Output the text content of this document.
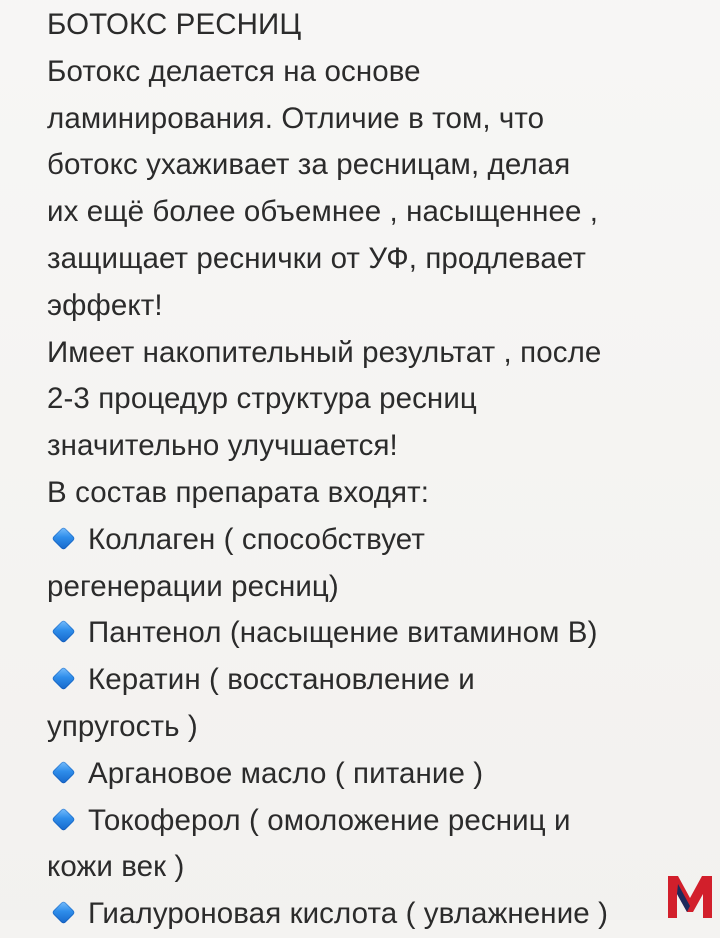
БОТОКС РЕСНИЦ
Ботокс делается на основе
ламинирования. Отличие в том, что
ботокс ухаживает за ресницам, делая
их ещё более объемнее , насыщеннее ,
защищает реснички от УФ, продлевает
эффект!
Имеет накопительный результат , после
2-3 процедур структура ресниц
значительно улучшается!
В состав препарата входят:
Коллаген ( способствует
регенерации ресниц)
Пантенол (насыщение витамином В)
Кератин ( восстановление и
упругость )
Аргановое масло ( питание )
Токоферол ( омоложение ресниц и
кожи век )
Гиалуроновая кислота ( увлажнение )
